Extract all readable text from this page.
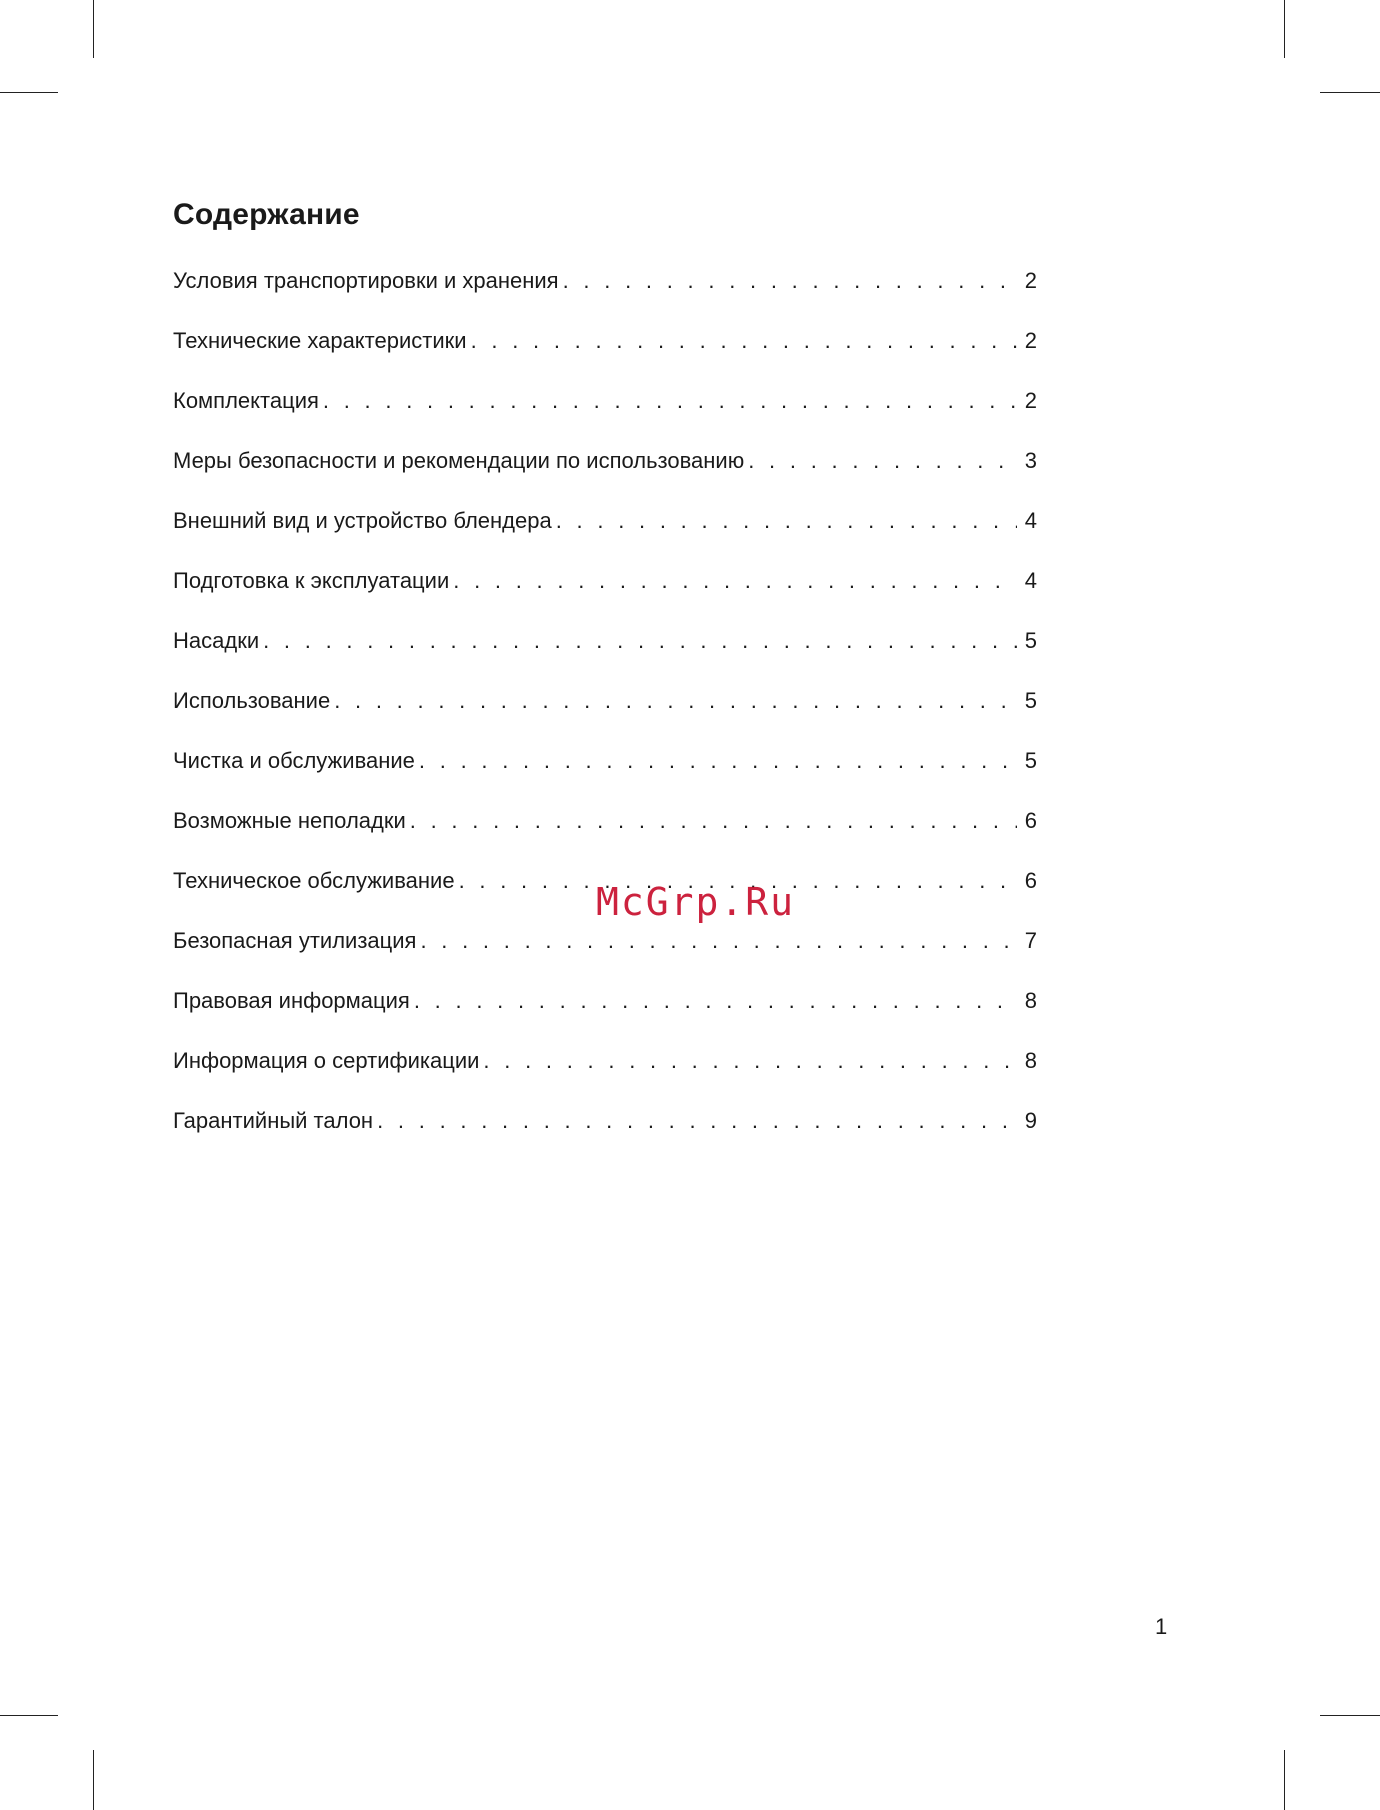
Содержание
Условия транспортировки и хранения . . .	2
Технические характеристики . . .	2
Комплектация . . .	2
Меры безопасности и рекомендации по использованию . . .	3
Внешний вид и устройство блендера . . .	4
Подготовка к эксплуатации . . .	4
Насадки . . .	5
Использование . . .	5
Чистка и обслуживание . . .	5
Возможные неполадки . . .	6
Техническое обслуживание . . .	6
Безопасная утилизация . . .	7
Правовая информация . . .	8
Информация о сертификации . . .	8
Гарантийный талон . . .	9
McGrp.Ru
1
